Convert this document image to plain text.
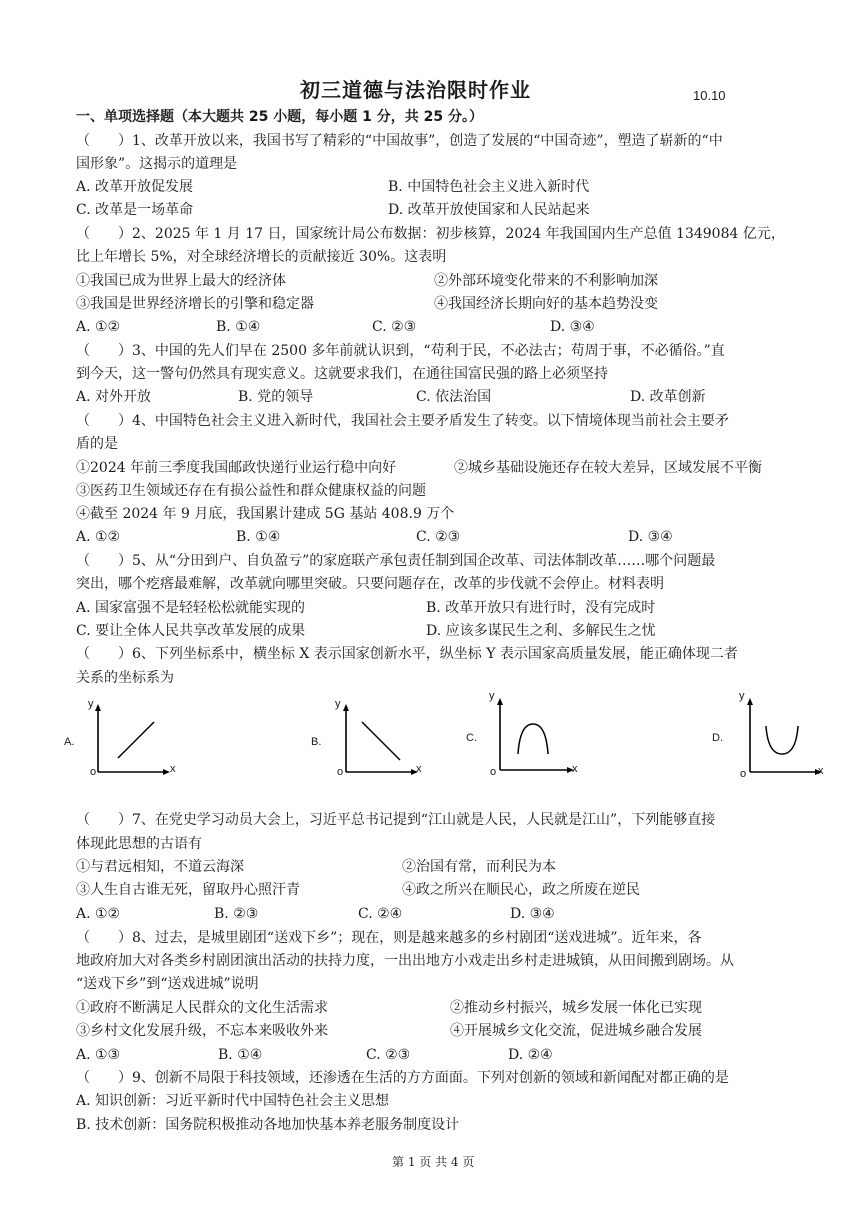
初三道德与法治限时作业	10.10
一、单项选择题（本大题共 25 小题，每小题 1 分，共 25 分。）
（　　）1、改革开放以来，我国书写了精彩的“中国故事”，创造了发展的“中国奇迹”，塑造了崭新的“中
国形象”。这揭示的道理是
A. 改革开放促发展	B. 中国特色社会主义进入新时代
C. 改革是一场革命	D. 改革开放使国家和人民站起来
（　　）2、2025 年 1 月 17 日，国家统计局公布数据：初步核算，2024 年我国国内生产总值 1349084 亿元，
比上年增长 5%，对全球经济增长的贡献接近 30%。这表明
①我国已成为世界上最大的经济体	②外部环境变化带来的不利影响加深
③我国是世界经济增长的引擎和稳定器	④我国经济长期向好的基本趋势没变
A. ①②	B. ①④	C. ②③	D. ③④
（　　）3、中国的先人们早在 2500 多年前就认识到，“苟利于民，不必法古；苟周于事，不必循俗。”直
到今天，这一警句仍然具有现实意义。这就要求我们，在通往国富民强的路上必须坚持
A. 对外开放	B. 党的领导	C. 依法治国	D. 改革创新
（　　）4、中国特色社会主义进入新时代，我国社会主要矛盾发生了转变。以下情境体现当前社会主要矛
盾的是
①2024 年前三季度我国邮政快递行业运行稳中向好	②城乡基础设施还存在较大差异，区域发展不平衡
③医药卫生领域还存在有损公益性和群众健康权益的问题
④截至 2024 年 9 月底，我国累计建成 5G 基站 408.9 万个
A. ①②	B. ①④	C. ②③	D. ③④
（　　）5、从“分田到户、自负盈亏”的家庭联产承包责任制到国企改革、司法体制改革……哪个问题最
突出，哪个疙瘩最难解，改革就向哪里突破。只要问题存在，改革的步伐就不会停止。材料表明
A. 国家富强不是轻轻松松就能实现的	B. 改革开放只有进行时，没有完成时
C. 要让全体人民共享改革发展的成果	D. 应该多谋民生之利、多解民生之忧
（　　）6、下列坐标系中，横坐标 X 表示国家创新水平，纵坐标 Y 表示国家高质量发展，能正确体现二者
关系的坐标系为
A.
y
o	x
B.
y
o	x
C.
y
o	x
D.
y
o	x
（　　）7、在党史学习动员大会上，习近平总书记提到“江山就是人民，人民就是江山”，下列能够直接
体现此思想的古语有
①与君远相知，不道云海深	②治国有常，而利民为本
③人生自古谁无死，留取丹心照汗青	④政之所兴在顺民心，政之所废在逆民
A. ①②	B. ②③	C. ②④	D. ③④
（　　）8、过去，是城里剧团“送戏下乡”；现在，则是越来越多的乡村剧团“送戏进城”。近年来，各
地政府加大对各类乡村剧团演出活动的扶持力度，一出出地方小戏走出乡村走进城镇，从田间搬到剧场。从
“送戏下乡”到“送戏进城”说明
①政府不断满足人民群众的文化生活需求	②推动乡村振兴，城乡发展一体化已实现
③乡村文化发展升级，不忘本来吸收外来	④开展城乡文化交流，促进城乡融合发展
A. ①③	B. ①④	C. ②③	D. ②④
（　　）9、创新不局限于科技领域，还渗透在生活的方方面面。下列对创新的领域和新闻配对都正确的是
A. 知识创新：习近平新时代中国特色社会主义思想
B. 技术创新：国务院积极推动各地加快基本养老服务制度设计
第 1 页 共 4 页
